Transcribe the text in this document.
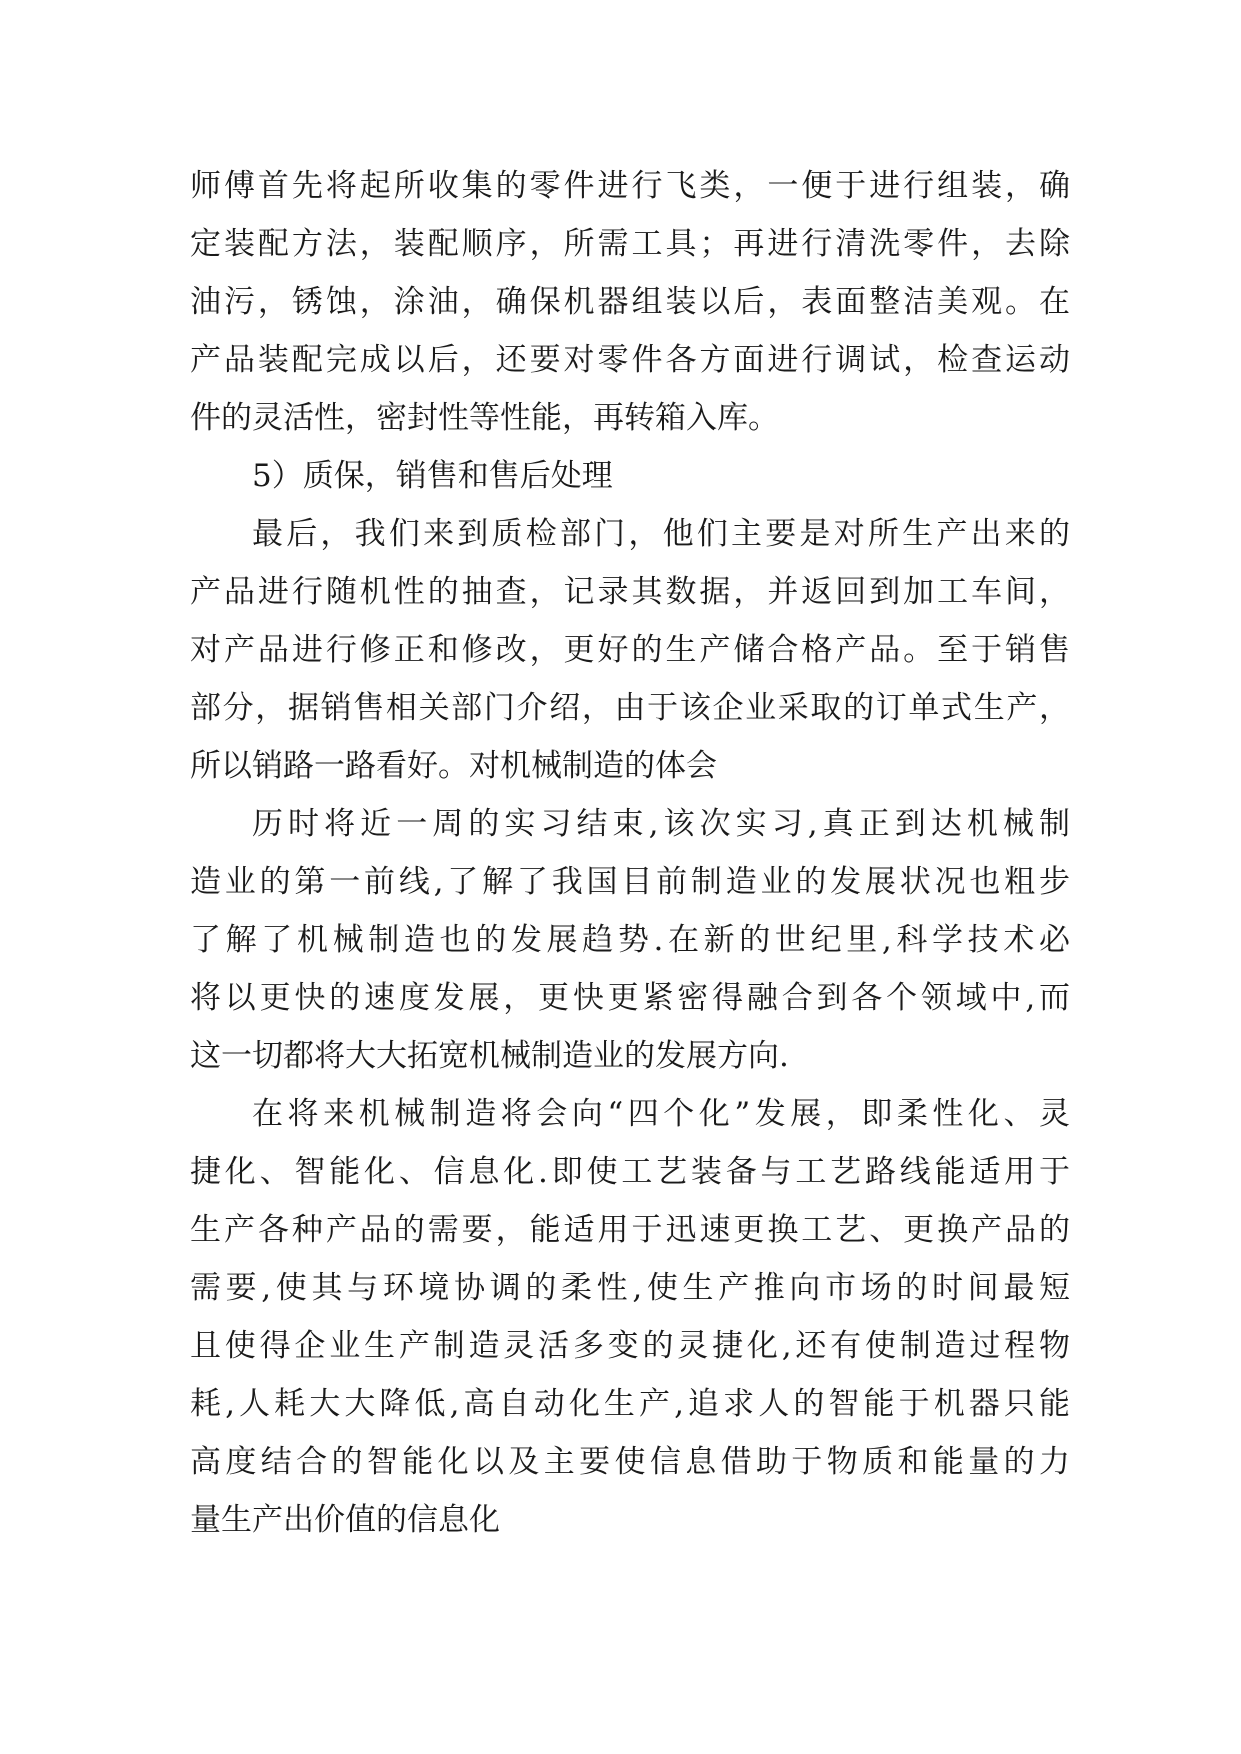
师傅首先将起所收集的零件进行飞类，一便于进行组装，确
定装配方法，装配顺序，所需工具；再进行清洗零件，去除
油污，锈蚀，涂油，确保机器组装以后，表面整洁美观。在
产品装配完成以后，还要对零件各方面进行调试，检查运动
件的灵活性，密封性等性能，再转箱入库。
5）质保，销售和售后处理
最后，我们来到质检部门，他们主要是对所生产出来的
产品进行随机性的抽查，记录其数据，并返回到加工车间，
对产品进行修正和修改，更好的生产储合格产品。至于销售
部分，据销售相关部门介绍，由于该企业采取的订单式生产，
所以销路一路看好。对机械制造的体会
历时将近一周的实习结束,该次实习,真正到达机械制
造业的第一前线,了解了我国目前制造业的发展状况也粗步
了解了机械制造也的发展趋势.在新的世纪里,科学技术必
将以更快的速度发展，更快更紧密得融合到各个领域中,而
这一切都将大大拓宽机械制造业的发展方向.
在将来机械制造将会向“四个化”发展，即柔性化、灵
捷化、智能化、信息化.即使工艺装备与工艺路线能适用于
生产各种产品的需要，能适用于迅速更换工艺、更换产品的
需要,使其与环境协调的柔性,使生产推向市场的时间最短
且使得企业生产制造灵活多变的灵捷化,还有使制造过程物
耗,人耗大大降低,高自动化生产,追求人的智能于机器只能
高度结合的智能化以及主要使信息借助于物质和能量的力
量生产出价值的信息化
